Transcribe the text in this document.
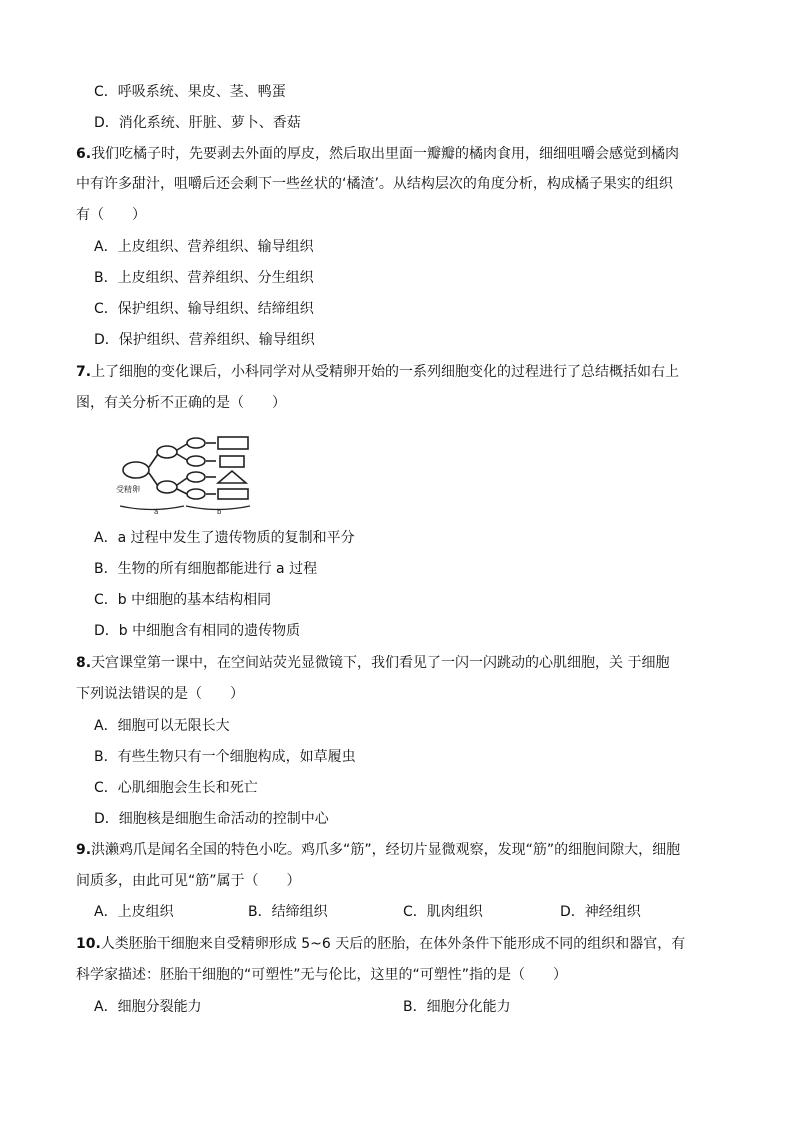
C．呼吸系统、果皮、茎、鸭蛋
D．消化系统、肝脏、萝卜、香菇
6.我们吃橘子时，先要剥去外面的厚皮，然后取出里面一瓣瓣的橘肉食用，细细咀嚼会感觉到橘肉
中有许多甜汁，咀嚼后还会剩下一些丝状的‘橘渣’。从结构层次的角度分析，构成橘子果实的组织
有（　　）
A．上皮组织、营养组织、输导组织
B．上皮组织、营养组织、分生组织
C．保护组织、输导组织、结缔组织
D．保护组织、营养组织、输导组织
7.上了细胞的变化课后，小科同学对从受精卵开始的一系列细胞变化的过程进行了总结概括如右上
图，有关分析不正确的是（　　）
受精卵
a	b
A．a 过程中发生了遗传物质的复制和平分
B．生物的所有细胞都能进行 a 过程
C．b 中细胞的基本结构相同
D．b 中细胞含有相同的遗传物质
8.天宫课堂第一课中，在空间站荧光显微镜下，我们看见了一闪一闪跳动的心肌细胞，关 于细胞
下列说法错误的是（　　）
A．细胞可以无限长大
B．有些生物只有一个细胞构成，如草履虫
C．心肌细胞会生长和死亡
D．细胞核是细胞生命活动的控制中心
9.洪濑鸡爪是闻名全国的特色小吃。鸡爪多“筋”，经切片显微观察，发现“筋”的细胞间隙大，细胞
间质多，由此可见“筋”属于（　　）
A．上皮组织	B．结缔组织	C．肌肉组织	D．神经组织
10.人类胚胎干细胞来自受精卵形成 5~6 天后的胚胎，在体外条件下能形成不同的组织和器官，有
科学家描述：胚胎干细胞的“可塑性”无与伦比，这里的“可塑性”指的是（　　）
A．细胞分裂能力	B．细胞分化能力
